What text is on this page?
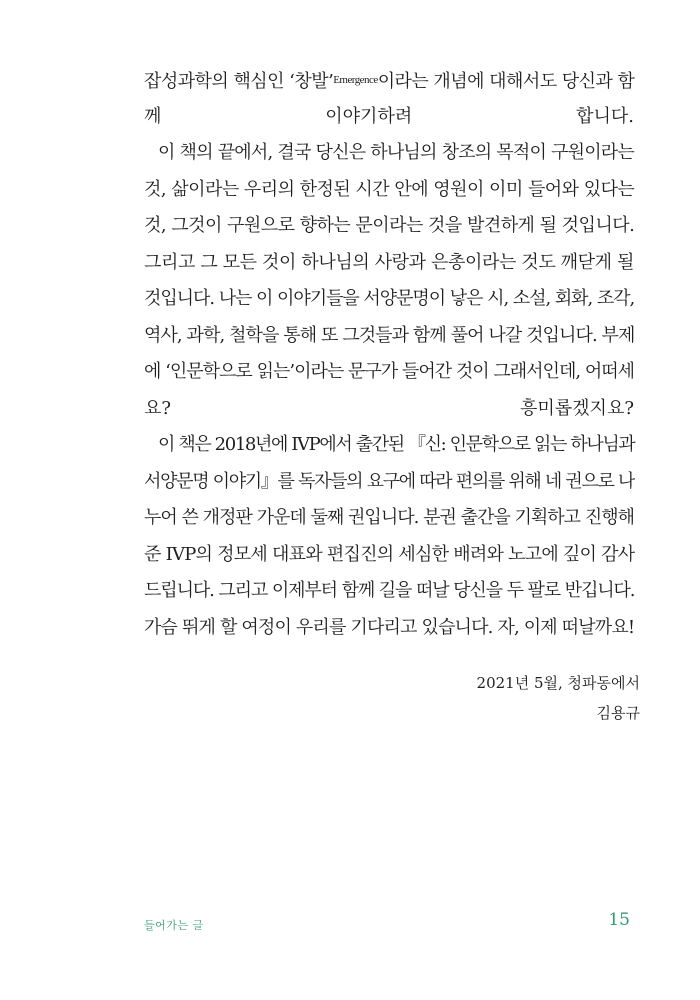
잡성과학의 핵심인 ‘창발’$^{Emergence}$이라는 개념에 대해서도 당신과 함
께 이야기하려 합니다.
이 책의 끝에서, 결국 당신은 하나님의 창조의 목적이 구원이라는
것, 삶이라는 우리의 한정된 시간 안에 영원이 이미 들어와 있다는
것, 그것이 구원으로 향하는 문이라는 것을 발견하게 될 것입니다.
그리고 그 모든 것이 하나님의 사랑과 은총이라는 것도 깨닫게 될
것입니다. 나는 이 이야기들을 서양문명이 낳은 시, 소설, 회화, 조각,
역사, 과학, 철학을 통해 또 그것들과 함께 풀어 나갈 것입니다. 부제
에 ‘인문학으로 읽는’이라는 문구가 들어간 것이 그래서인데, 어떠세
요? 흥미롭겠지요?
이 책은 2018년에 IVP에서 출간된 『신: 인문학으로 읽는 하나님과
서양문명 이야기』를 독자들의 요구에 따라 편의를 위해 네 권으로 나
누어 쓴 개정판 가운데 둘째 권입니다. 분권 출간을 기획하고 진행해
준 IVP의 정모세 대표와 편집진의 세심한 배려와 노고에 깊이 감사
드립니다. 그리고 이제부터 함께 길을 떠날 당신을 두 팔로 반깁니다.
가슴 뛰게 할 여정이 우리를 기다리고 있습니다. 자, 이제 떠날까요!
2021년 5월, 청파동에서
김용규
들어가는 글	15
